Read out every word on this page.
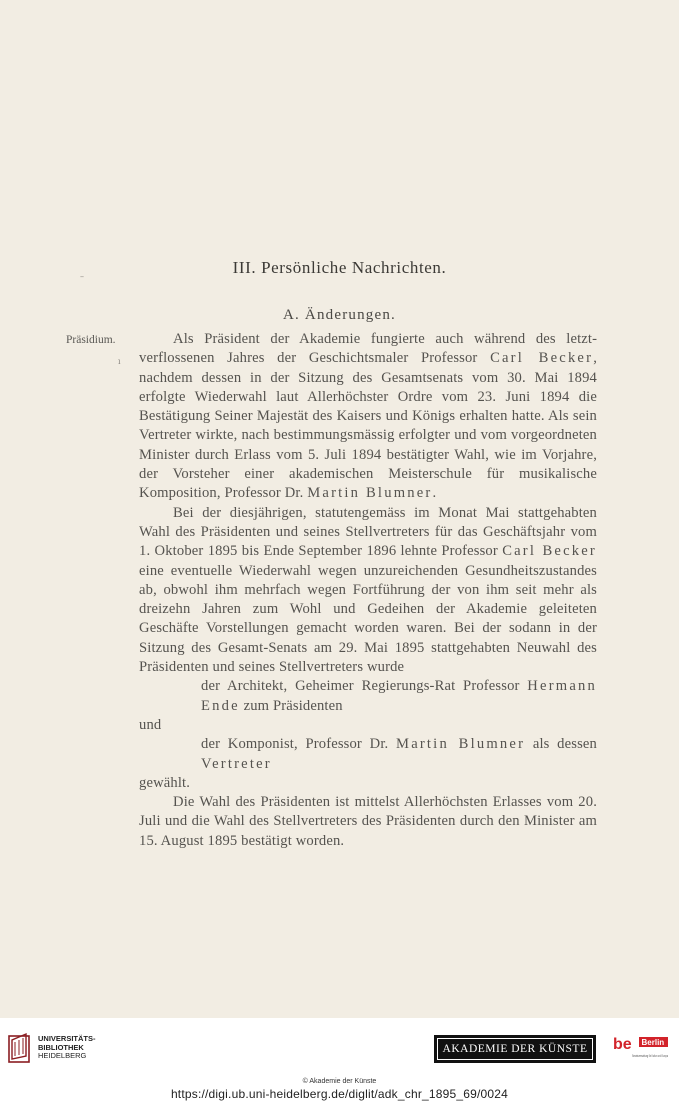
III. Persönliche Nachrichten.
A. Änderungen.
Präsidium.
–
ı

Als Präsident der Akademie fungierte auch während des letztverflossenen Jahres der Geschichtsmaler Professor Carl Becker, nachdem dessen in der Sitzung des Gesamtsenats vom 30. Mai 1894 erfolgte Wiederwahl laut Allerhöchster Ordre vom 23. Juni 1894 die Bestätigung Seiner Majestät des Kaisers und Königs erhalten hatte. Als sein Vertreter wirkte, nach bestimmungsmässig erfolgter und vom vorgeordneten Minister durch Erlass vom 5. Juli 1894 bestätigter Wahl, wie im Vorjahre, der Vorsteher einer akademischen Meisterschule für musikalische Komposition, Professor Dr. Martin Blumner.

Bei der diesjährigen, statutengemäss im Monat Mai stattgehabten Wahl des Präsidenten und seines Stellvertreters für das Geschäftsjahr vom 1. Oktober 1895 bis Ende September 1896 lehnte Professor Carl Becker eine eventuelle Wiederwahl wegen unzureichenden Gesundheitszustandes ab, obwohl ihm mehrfach wegen Fortführung der von ihm seit mehr als dreizehn Jahren zum Wohl und Gedeihen der Akademie geleiteten Geschäfte Vorstellungen gemacht worden waren. Bei der sodann in der Sitzung des Gesamt-Senats am 29. Mai 1895 stattgehabten Neuwahl des Präsidenten und seines Stellvertreters wurde

der Architekt, Geheimer Regierungs-Rat Professor Hermann Ende zum Präsidenten

und

der Komponist, Professor Dr. Martin Blumner als dessen Vertreter

gewählt.

Die Wahl des Präsidenten ist mittelst Allerhöchsten Erlasses vom 20. Juli und die Wahl des Stellvertreters des Präsidenten durch den Minister am 15. August 1895 bestätigt worden.

UNIVERSITÄTS-
BIBLIOTHEK
HEIDELBERG
AKADEMIE DER KÜNSTE	be Berlin
Senatsverwaltung für Kultur und Europa
© Akademie der Künste
https://digi.ub.uni-heidelberg.de/diglit/adk_chr_1895_69/0024
